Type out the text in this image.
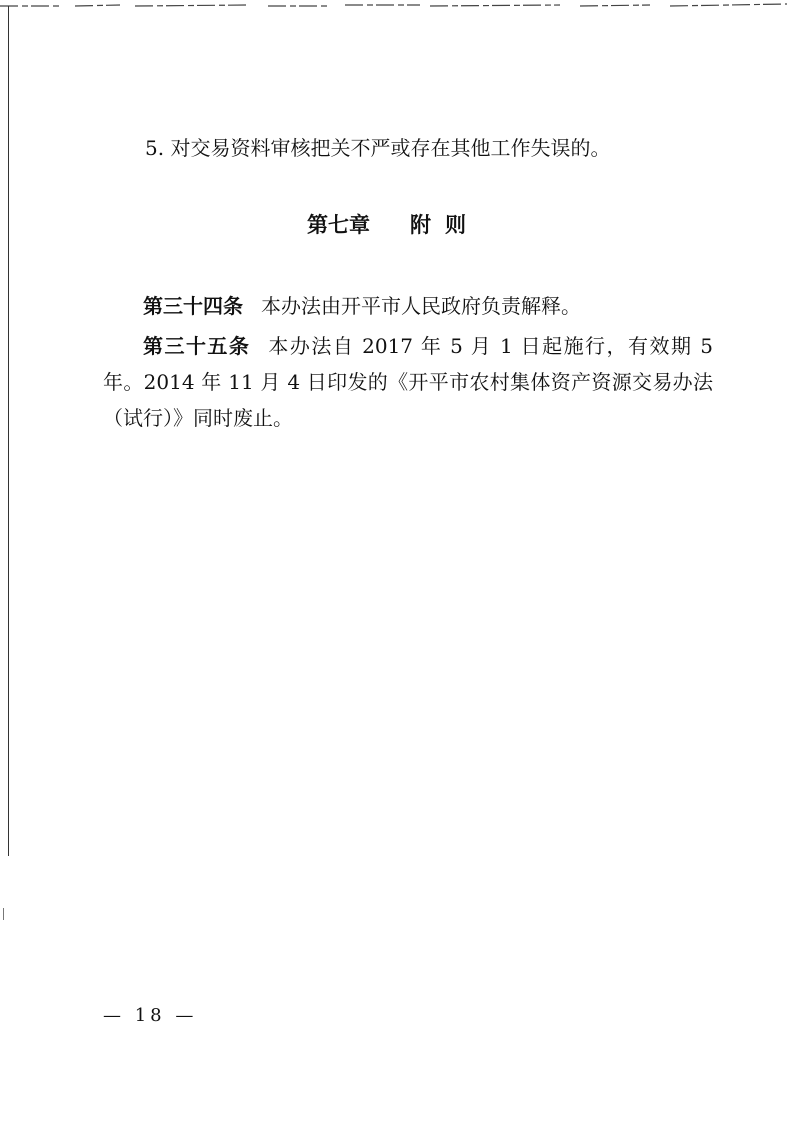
5. 对交易资料审核把关不严或存在其他工作失误的。
第七章 附则

第三十四条 本办法由开平市人民政府负责解释。

第三十五条 本办法自 2017 年 5 月 1 日起施行，有效期 5 年。2014 年 11 月 4 日印发的《开平市农村集体资产资源交易办法（试行）》同时废止。

— 18 —
